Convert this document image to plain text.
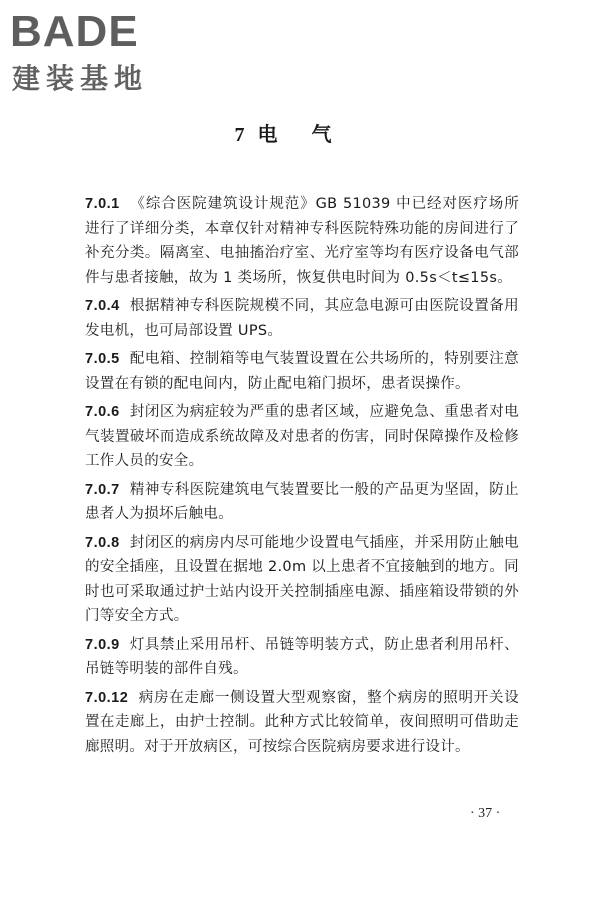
BADE
建装基地
7 电气

7.0.1 《综合医院建筑设计规范》GB 51039 中已经对医疗场所进行了详细分类，本章仅针对精神专科医院特殊功能的房间进行了补充分类。隔离室、电抽搐治疗室、光疗室等均有医疗设备电气部件与患者接触，故为 1 类场所，恢复供电时间为 0.5s＜t≤15s。

7.0.4 根据精神专科医院规模不同，其应急电源可由医院设置备用发电机，也可局部设置 UPS。

7.0.5 配电箱、控制箱等电气装置设置在公共场所的，特别要注意设置在有锁的配电间内，防止配电箱门损坏，患者误操作。

7.0.6 封闭区为病症较为严重的患者区域，应避免急、重患者对电气装置破坏而造成系统故障及对患者的伤害，同时保障操作及检修工作人员的安全。

7.0.7 精神专科医院建筑电气装置要比一般的产品更为坚固，防止患者人为损坏后触电。

7.0.8 封闭区的病房内尽可能地少设置电气插座，并采用防止触电的安全插座，且设置在据地 2.0m 以上患者不宜接触到的地方。同时也可采取通过护士站内设开关控制插座电源、插座箱设带锁的外门等安全方式。

7.0.9 灯具禁止采用吊杆、吊链等明装方式，防止患者利用吊杆、吊链等明装的部件自残。

7.0.12 病房在走廊一侧设置大型观察窗，整个病房的照明开关设置在走廊上，由护士控制。此种方式比较简单，夜间照明可借助走廊照明。对于开放病区，可按综合医院病房要求进行设计。

· 37 ·
